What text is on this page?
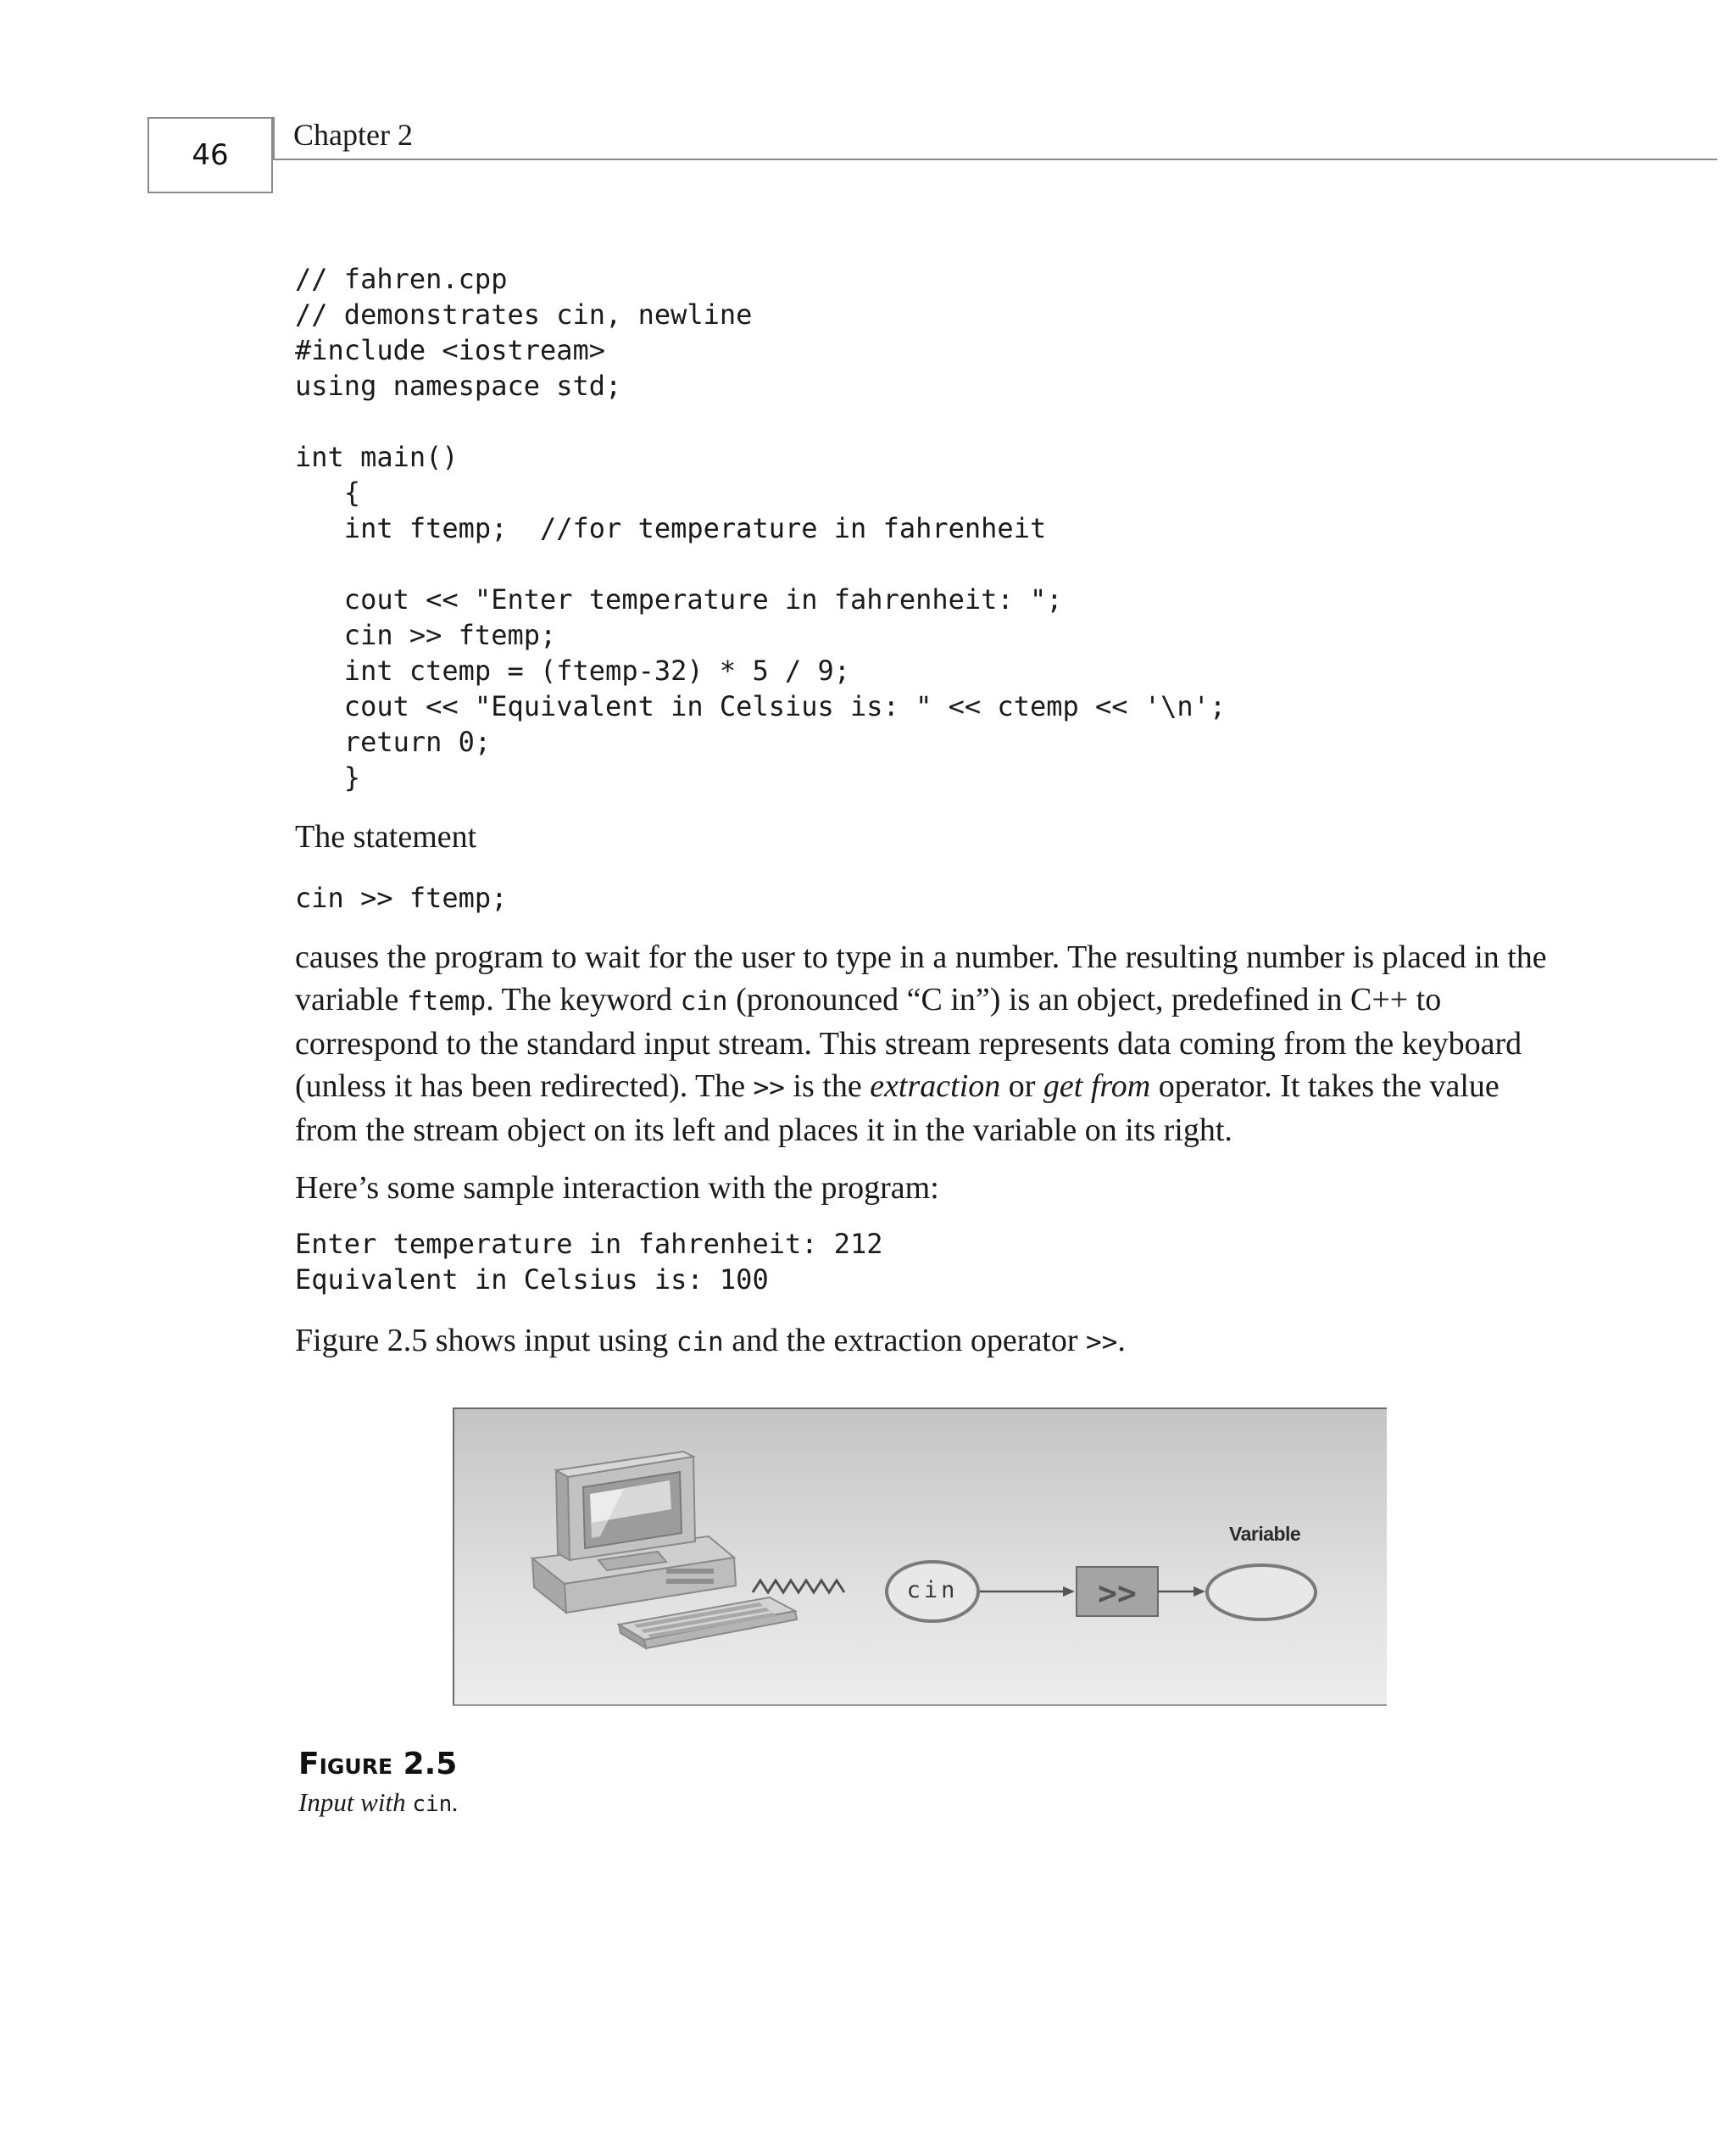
46
Chapter 2
// fahren.cpp
// demonstrates cin, newline
#include <iostream>
using namespace std;
int main()
{
int ftemp;  //for temperature in fahrenheit
cout << "Enter temperature in fahrenheit: ";
cin >> ftemp;
int ctemp = (ftemp-32) * 5 / 9;
cout << "Equivalent in Celsius is: " << ctemp << '\n';
return 0;
}

The statement

cin >> ftemp;

causes the program to wait for the user to type in a number. The resulting number is placed in the variable ftemp. The keyword cin (pronounced “C in”) is an object, predefined in C++ to correspond to the standard input stream. This stream represents data coming from the keyboard (unless it has been redirected). The >> is the extraction or get from operator. It takes the value from the stream object on its left and places it in the variable on its right.

Here’s some sample interaction with the program:

Enter temperature in fahrenheit: 212
Equivalent in Celsius is: 100

Figure 2.5 shows input using cin and the extraction operator >>.

>>
cin
Variable
Figure 2.5
Input with cin.
